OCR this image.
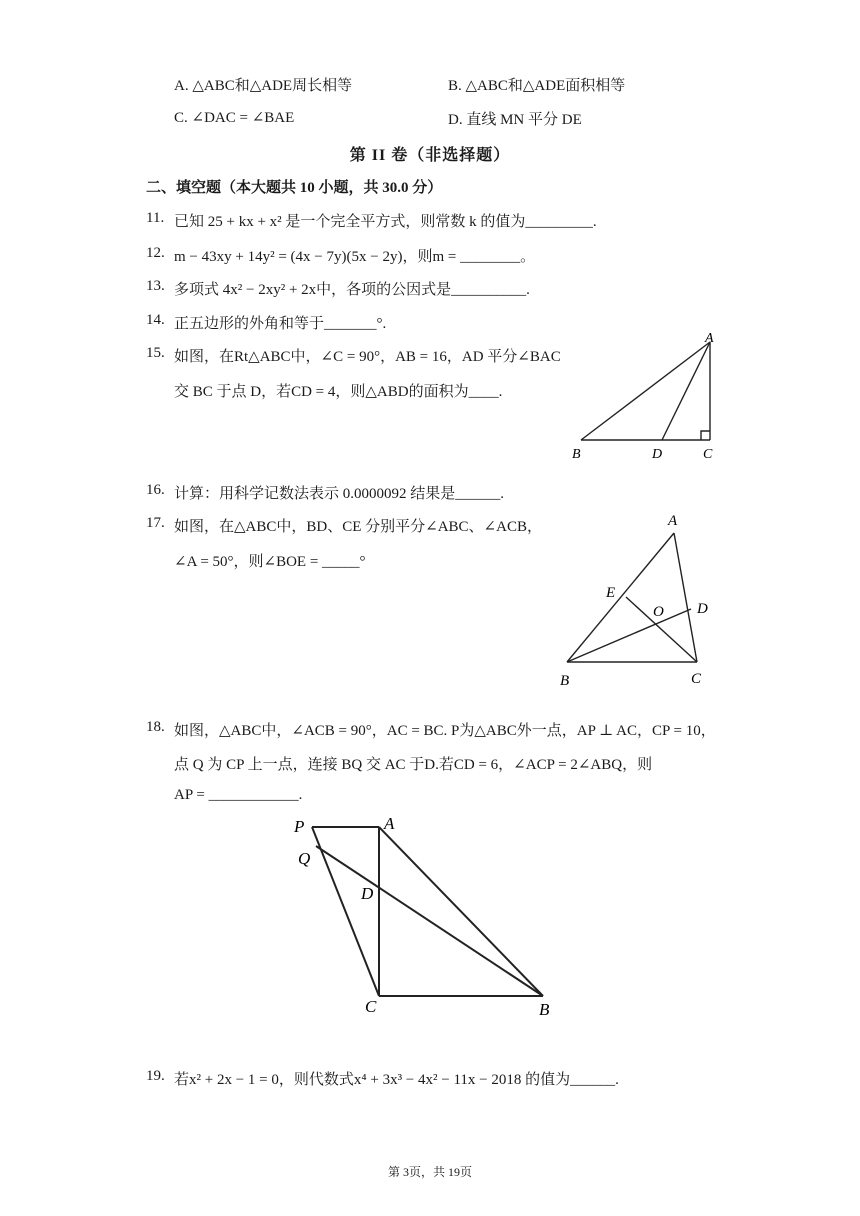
A. △ABC和△ADE周长相等	B. △ABC和△ADE面积相等
C. ∠DAC = ∠BAE	D. 直线 MN 平分 DE
第 II 卷（非选择题）
二、填空题（本大题共 10 小题，共 30.0 分）
11. 已知 25 + kx + x² 是一个完全平方式，则常数 k 的值为_________.
12. m − 43xy + 14y² = (4x − 7y)(5x − 2y)，则m = ________。
13. 多项式 4x² − 2xy² + 2x中，各项的公因式是__________.
14. 正五边形的外角和等于_______°.
15. 如图，在Rt△ABC中，∠C = 90°，AB = 16，AD 平分∠BAC
交 BC 于点 D，若CD = 4，则△ABD的面积为____.
A
B	D	C
16. 计算：用科学记数法表示 0.0000092 结果是______.
17. 如图，在△ABC中，BD、CE 分别平分∠ABC、∠ACB，
∠A = 50°，则∠BOE = _____°
A
E
O D
B	C
18. 如图，△ABC中，∠ACB = 90°，AC = BC. P为△ABC外一点，AP ⊥ AC，CP = 10，
点 Q 为 CP 上一点，连接 BQ 交 AC 于D.若CD = 6，∠ACP = 2∠ABQ，则
AP = ____________.
P	A
Q
D
C	B
19. 若x² + 2x − 1 = 0，则代数式x⁴ + 3x³ − 4x² − 11x − 2018 的值为______.
第 3页，共 19页
